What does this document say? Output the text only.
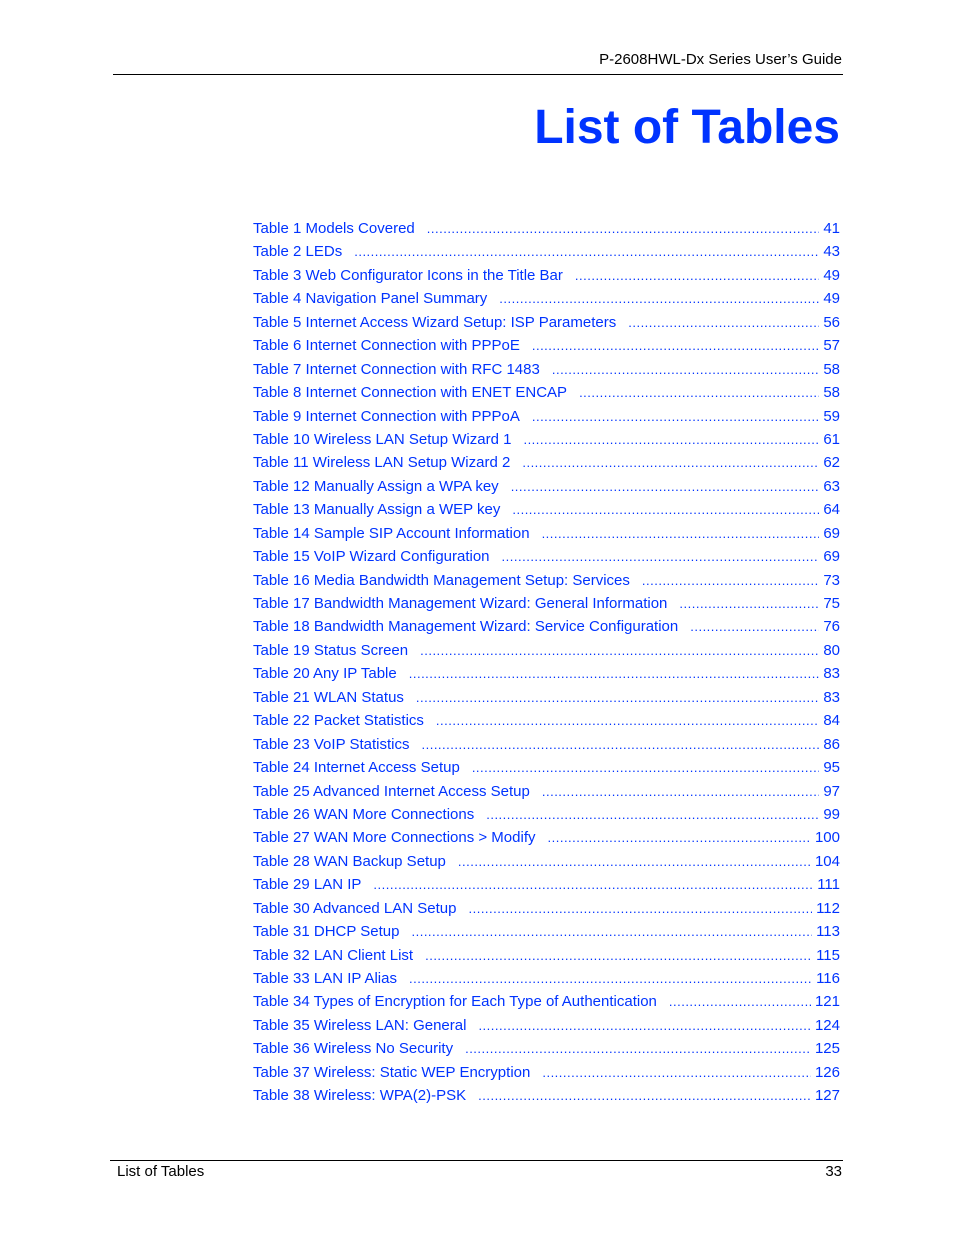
P-2608HWL-Dx Series User’s Guide
List of Tables
Table 1 Models Covered .....	41
Table 2 LEDs .....	43
Table 3 Web Configurator Icons in the Title Bar .....	49
Table 4 Navigation Panel Summary .....	49
Table 5 Internet Access Wizard Setup: ISP Parameters .....	56
Table 6 Internet Connection with PPPoE .....	57
Table 7 Internet Connection with RFC 1483 .....	58
Table 8 Internet Connection with ENET ENCAP .....	58
Table 9 Internet Connection with PPPoA .....	59
Table 10 Wireless LAN Setup Wizard 1 .....	61
Table 11 Wireless LAN Setup Wizard 2 .....	62
Table 12 Manually Assign a WPA key .....	63
Table 13 Manually Assign a WEP key .....	64
Table 14 Sample SIP Account Information .....	69
Table 15 VoIP Wizard Configuration .....	69
Table 16 Media Bandwidth Management Setup: Services .....	73
Table 17 Bandwidth Management Wizard: General Information .....	75
Table 18 Bandwidth Management Wizard: Service Configuration .....	76
Table 19 Status Screen .....	80
Table 20 Any IP Table .....	83
Table 21 WLAN Status .....	83
Table 22 Packet Statistics .....	84
Table 23 VoIP Statistics .....	86
Table 24 Internet Access Setup .....	95
Table 25 Advanced Internet Access Setup .....	97
Table 26 WAN More Connections .....	99
Table 27 WAN More Connections > Modify .....	100
Table 28 WAN Backup Setup .....	104
Table 29 LAN IP .....	111
Table 30 Advanced LAN Setup .....	112
Table 31 DHCP Setup .....	113
Table 32 LAN Client List .....	115
Table 33 LAN IP Alias .....	116
Table 34 Types of Encryption for Each Type of Authentication .....	121
Table 35 Wireless LAN: General .....	124
Table 36 Wireless No Security .....	125
Table 37 Wireless: Static WEP Encryption .....	126
Table 38 Wireless: WPA(2)-PSK .....	127
List of Tables	33
